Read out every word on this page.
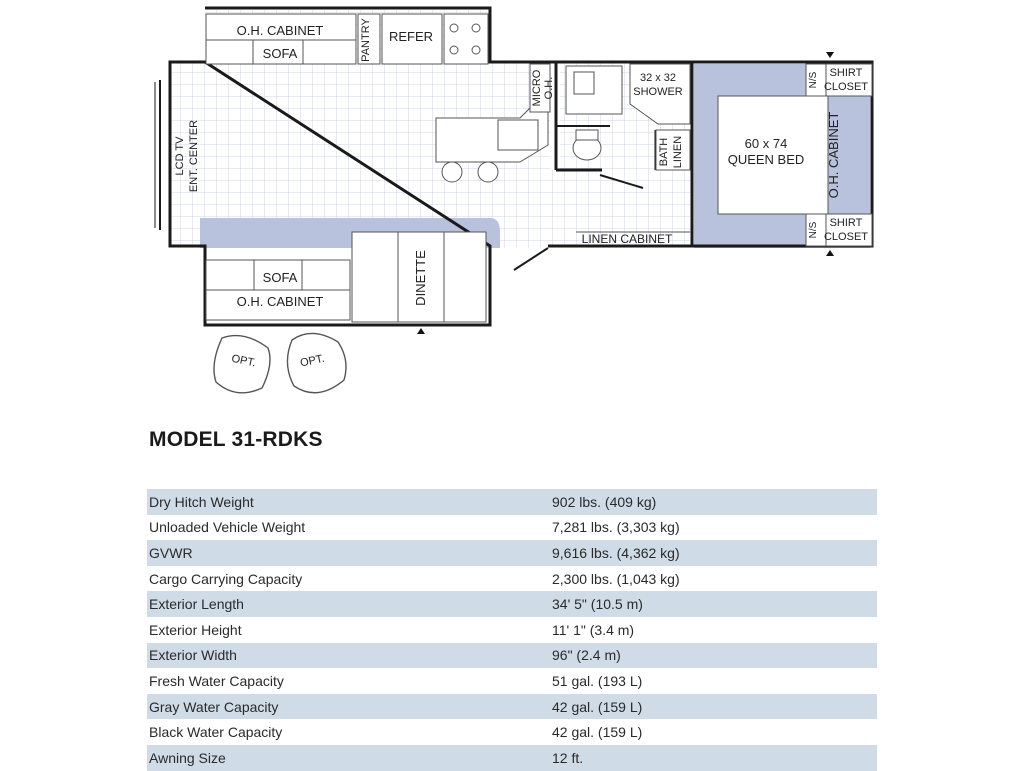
O.H. CABINET
SOFA	PANTRY REFER
MICRO O.H.	32 x 32
SHOWER
BATH LINEN	60 x 74
QUEEN BED O.H. CABINET
N/S SHIRT
CLOSET
N/S SHIRT
CLOSET
LINEN CABINET
LCD TV ENT. CENTER
SOFA
O.H. CABINET	DINETTE
OPT.	OPT.
MODEL 31-RDKS
Dry Hitch Weight	902 lbs. (409 kg)
Unloaded Vehicle Weight	7,281 lbs. (3,303 kg)
GVWR	9,616 lbs. (4,362 kg)
Cargo Carrying Capacity	2,300 lbs. (1,043 kg)
Exterior Length	34' 5" (10.5 m)
Exterior Height	11' 1" (3.4 m)
Exterior Width	96" (2.4 m)
Fresh Water Capacity	51 gal. (193 L)
Gray Water Capacity	42 gal. (159 L)
Black Water Capacity	42 gal. (159 L)
Awning Size	12 ft.
